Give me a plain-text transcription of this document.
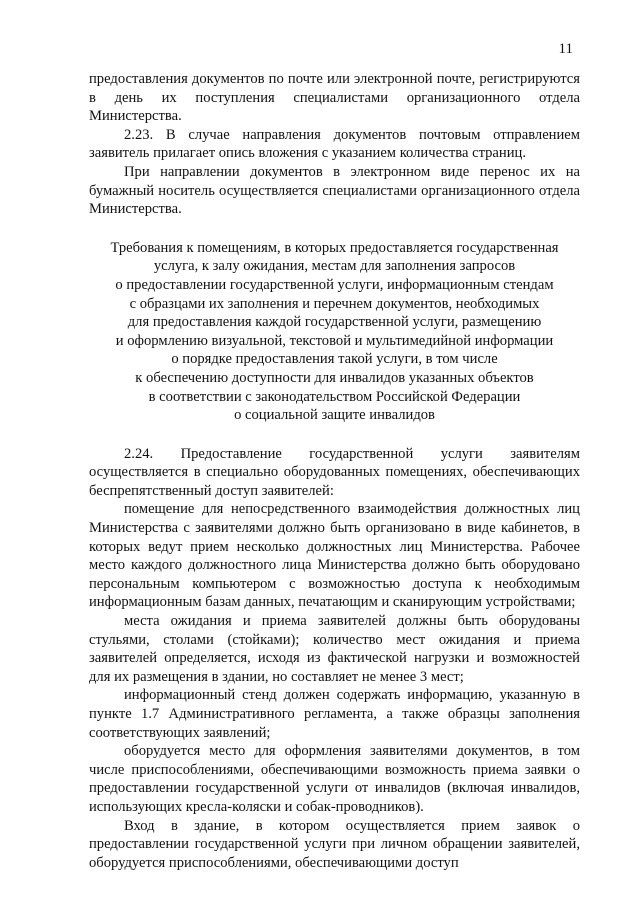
11

предоставления документов по почте или электронной почте, регистрируются в день их поступления специалистами организационного отдела Министерства.

2.23. В случае направления документов почтовым отправлением заявитель прилагает опись вложения с указанием количества страниц.

При направлении документов в электронном виде перенос их на бумажный носитель осуществляется специалистами организационного отдела Министерства.

Требования к помещениям, в которых предоставляется государственная
услуга, к залу ожидания, местам для заполнения запросов
о предоставлении государственной услуги, информационным стендам
с образцами их заполнения и перечнем документов, необходимых
для предоставления каждой государственной услуги, размещению
и оформлению визуальной, текстовой и мультимедийной информации
о порядке предоставления такой услуги, в том числе
к обеспечению доступности для инвалидов указанных объектов
в соответствии с законодательством Российской Федерации
о социальной защите инвалидов

2.24. Предоставление государственной услуги заявителям осуществляется в специально оборудованных помещениях, обеспечивающих беспрепятственный доступ заявителей:

помещение для непосредственного взаимодействия должностных лиц Министерства с заявителями должно быть организовано в виде кабинетов, в которых ведут прием несколько должностных лиц Министерства. Рабочее место каждого должностного лица Министерства должно быть оборудовано персональным компьютером с возможностью доступа к необходимым информационным базам данных, печатающим и сканирующим устройствами;

места ожидания и приема заявителей должны быть оборудованы стульями, столами (стойками); количество мест ожидания и приема заявителей определяется, исходя из фактической нагрузки и возможностей для их размещения в здании, но составляет не менее 3 мест;

информационный стенд должен содержать информацию, указанную в пункте 1.7 Административного регламента, а также образцы заполнения соответствующих заявлений;

оборудуется место для оформления заявителями документов, в том числе приспособлениями, обеспечивающими возможность приема заявки о предоставлении государственной услуги от инвалидов (включая инвалидов, использующих кресла-коляски и собак-проводников).

Вход в здание, в котором осуществляется прием заявок о предоставлении государственной услуги при личном обращении заявителей, оборудуется приспособлениями, обеспечивающими доступ
